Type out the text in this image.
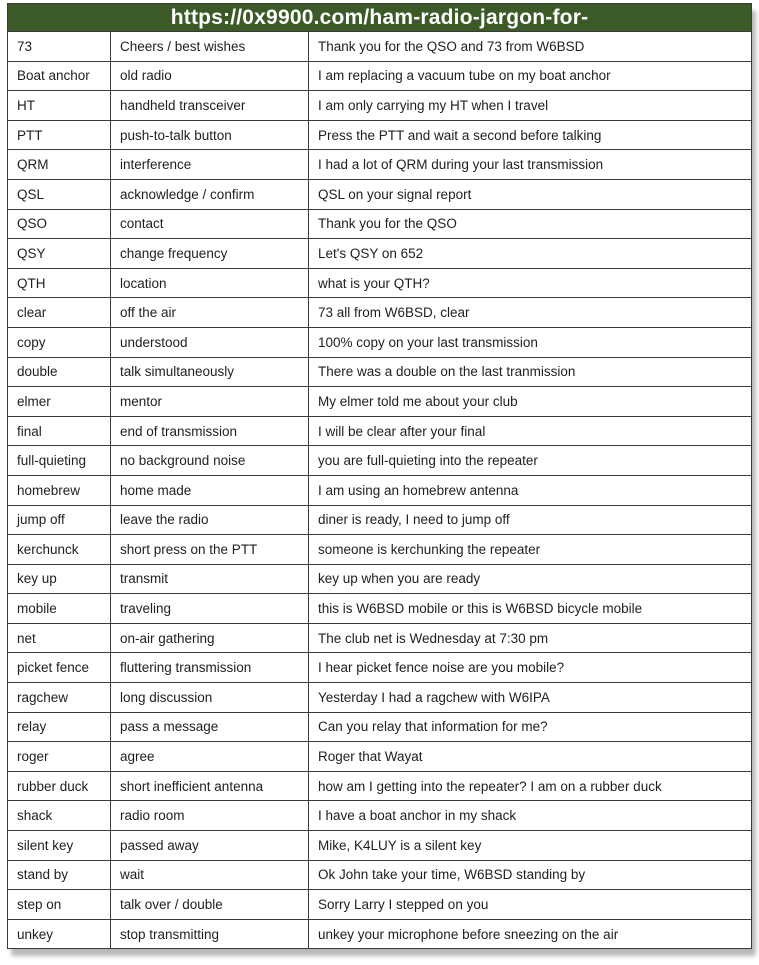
https://0x9900.com/ham-radio-jargon-for-
73	Cheers / best wishes	Thank you for the QSO and 73 from W6BSD
Boat anchor	old radio	I am replacing a vacuum tube on my boat anchor
HT	handheld transceiver	I am only carrying my HT when I travel
PTT	push-to-talk button	Press the PTT and wait a second before talking
QRM	interference	I had a lot of QRM during your last transmission
QSL	acknowledge / confirm	QSL on your signal report
QSO	contact	Thank you for the QSO
QSY	change frequency	Let's QSY on 652
QTH	location	what is your QTH?
clear	off the air	73 all from W6BSD, clear
copy	understood	100% copy on your last transmission
double	talk simultaneously	There was a double on the last tranmission
elmer	mentor	My elmer told me about your club
final	end of transmission	I will be clear after your final
full-quieting	no background noise	you are full-quieting into the repeater
homebrew	home made	I am using an homebrew antenna
jump off	leave the radio	diner is ready, I need to jump off
kerchunck	short press on the PTT	someone is kerchunking the repeater
key up	transmit	key up when you are ready
mobile	traveling	this is W6BSD mobile or this is W6BSD bicycle mobile
net	on-air gathering	The club net is Wednesday at 7:30 pm
picket fence	fluttering transmission	I hear picket fence noise are you mobile?
ragchew	long discussion	Yesterday I had a ragchew with W6IPA
relay	pass a message	Can you relay that information for me?
roger	agree	Roger that Wayat
rubber duck	short inefficient antenna	how am I getting into the repeater? I am on a rubber duck
shack	radio room	I have a boat anchor in my shack
silent key	passed away	Mike, K4LUY is a silent key
stand by	wait	Ok John take your time, W6BSD standing by
step on	talk over / double	Sorry Larry I stepped on you
unkey	stop transmitting	unkey your microphone before sneezing on the air
